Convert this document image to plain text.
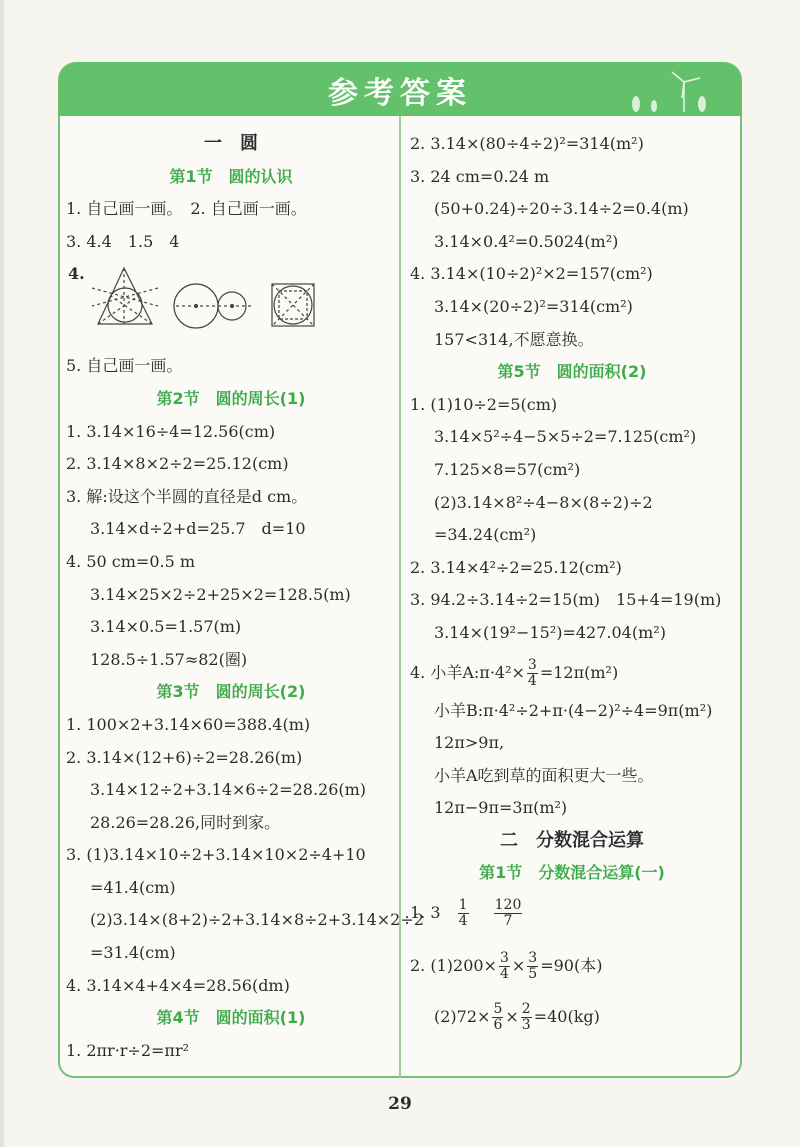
参考答案
一　圆
第1节　圆的认识
1. 自己画一画。　2. 自己画一画。
3. 4.4　1.5　4
4.
5. 自己画一画。
第2节　圆的周长(1)
1. 3.14×16÷4=12.56(cm)
2. 3.14×8×2÷2=25.12(cm)
3. 解:设这个半圆的直径是d cm。
3.14×d÷2+d=25.7　d=10
4. 50 cm=0.5 m
3.14×25×2÷2+25×2=128.5(m)
3.14×0.5=1.57(m)
128.5÷1.57≈82(圈)
第3节　圆的周长(2)
1. 100×2+3.14×60=388.4(m)
2. 3.14×(12+6)÷2=28.26(m)
3.14×12÷2+3.14×6÷2=28.26(m)
28.26=28.26,同时到家。
3. (1)3.14×10÷2+3.14×10×2÷4+10
=41.4(cm)
(2)3.14×(8+2)÷2+3.14×8÷2+3.14×2÷2
=31.4(cm)
4. 3.14×4+4×4=28.56(dm)
第4节　圆的面积(1)
1. 2πr·r÷2=πr²
2. 3.14×(80÷4÷2)²=314(m²)
3. 24 cm=0.24 m
(50+0.24)÷20÷3.14÷2=0.4(m)
3.14×0.4²=0.5024(m²)
4. 3.14×(10÷2)²×2=157(cm²)
3.14×(20÷2)²=314(cm²)
157<314,不愿意换。
第5节　圆的面积(2)
1. (1)10÷2=5(cm)
3.14×5²÷4−5×5÷2=7.125(cm²)
7.125×8=57(cm²)
(2)3.14×8²÷4−8×(8÷2)÷2
=34.24(cm²)
2. 3.14×4²÷2=25.12(cm²)
3. 94.2÷3.14÷2=15(m)　15+4=19(m)
3.14×(19²−15²)=427.04(m²)
4. 小羊A:π·4²× $\frac{3}{4} =12\pi(m^2)$
小羊B:π·4²÷2+π·(4−2)²÷4=9π(m²)
12π>9π,
小羊A吃到草的面积更大一些。
12π−9π=3π(m²)
二　分数混合运算
第1节　分数混合运算(一)
1. $3 \frac{1}{4}$
$\frac{120}{7}$
2. $(1)200\times \frac{3}{4} \times \frac{3}{5} =90$(本)
$(2)72\times \frac{5}{6} \times \frac{2}{3} =40(kg)$
29
